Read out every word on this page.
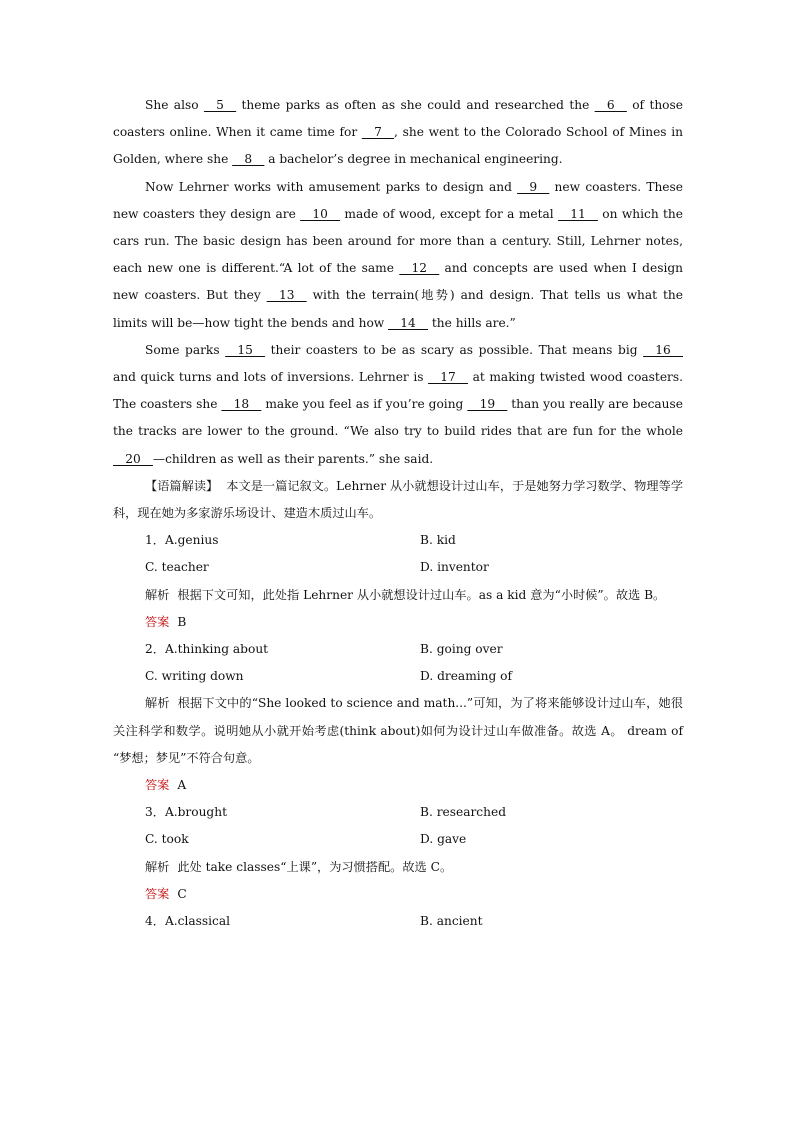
She also __5__ theme parks as often as she could and researched the __6__ of those coasters online. When it came time for __7__, she went to the Colorado School of Mines in Golden, where she __8__ a bachelor’s degree in mechanical engineering.

Now Lehrner works with amusement parks to design and __9__ new coasters. These new coasters they design are __10__ made of wood, except for a metal __11__ on which the cars run. The basic design has been around for more than a century. Still, Lehrner notes, each new one is different.“A lot of the same __12__ and concepts are used when I design new coasters. But they __13__ with the terrain(地势) and design. That tells us what the limits will be—how tight the bends and how __14__ the hills are.”

Some parks __15__ their coasters to be as scary as possible. That means big __16__ and quick turns and lots of inversions. Lehrner is __17__ at making twisted wood coasters. The coasters she __18__ make you feel as if you’re going __19__ than you really are because the tracks are lower to the ground. “We also try to build rides that are fun for the whole __20__—children as well as their parents.” she said.

【语篇解读】 本文是一篇记叙文。Lehrner 从小就想设计过山车，于是她努力学习数学、物理等学科，现在她为多家游乐场设计、建造木质过山车。

1．A.genius	B. kid
C. teacher	D. inventor

解析 根据下文可知，此处指 Lehrner 从小就想设计过山车。as a kid 意为“小时候”。故选 B。

答案 B

2．A.thinking about	B. going over
C. writing down	D. dreaming of

解析 根据下文中的“She looked to science and math...”可知，为了将来能够设计过山车，她很关注科学和数学。说明她从小就开始考虑(think about)如何为设计过山车做准备。故选 A。 dream of “梦想；梦见”不符合句意。

答案 A

3．A.brought	B. researched
C. took	D. gave

解析 此处 take classes“上课”，为习惯搭配。故选 C。

答案 C

4．A.classical	B. ancient
